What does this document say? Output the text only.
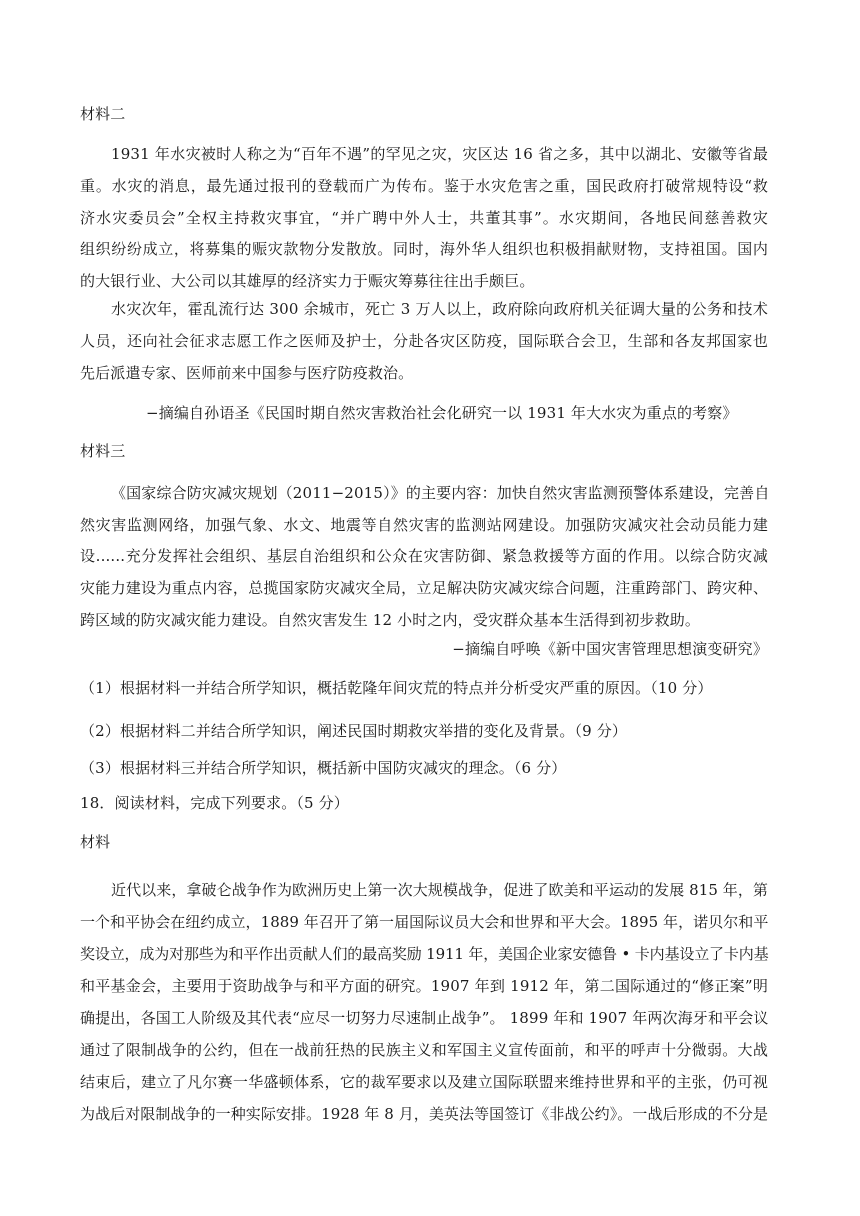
材料二
1931 年水灾被时人称之为“百年不遇”的罕见之灾，灾区达 16 省之多，其中以湖北、安徽等省最
重。水灾的消息，最先通过报刊的登载而广为传布。鉴于水灾危害之重，国民政府打破常规特设“救
济水灾委员会”全权主持救灾事宜，“并广聘中外人士，共董其事”。水灾期间，各地民间慈善救灾
组织纷纷成立，将募集的赈灾款物分发散放。同时，海外华人组织也积极捐献财物，支持祖国。国内
的大银行业、大公司以其雄厚的经济实力于赈灾筹募往往出手颇巨。
水灾次年，霍乱流行达 300 余城市，死亡 3 万人以上，政府除向政府机关征调大量的公务和技术
人员，还向社会征求志愿工作之医师及护士，分赴各灾区防疫，国际联合会卫，生部和各友邦国家也
先后派遣专家、医师前来中国参与医疗防疫救治。
−摘编自孙语圣《民国时期自然灾害救治社会化研究一以 1931 年大水灾为重点的考察》
材料三
《国家综合防灾减灾规划（2011−2015）》的主要内容：加快自然灾害监测预警体系建设，完善自
然灾害监测网络，加强气象、水文、地震等自然灾害的监测站网建设。加强防灾减灾社会动员能力建
设......充分发挥社会组织、基层自治组织和公众在灾害防御、紧急救援等方面的作用。以综合防灾减
灾能力建设为重点内容，总揽国家防灾减灾全局，立足解决防灾减灾综合问题，注重跨部门、跨灾种、
跨区域的防灾减灾能力建设。自然灾害发生 12 小时之内，受灾群众基本生活得到初步救助。
−摘编自呼唤《新中国灾害管理思想演变研究》
（1）根据材料一并结合所学知识，概括乾隆年间灾荒的特点并分析受灾严重的原因。（10 分）
（2）根据材料二并结合所学知识，阐述民国时期救灾举措的变化及背景。（9 分）
（3）根据材料三并结合所学知识，概括新中国防灾减灾的理念。（6 分）
18．阅读材料，完成下列要求。（5 分）
材料
近代以来，拿破仑战争作为欧洲历史上第一次大规模战争，促进了欧美和平运动的发展 815 年，第
一个和平协会在纽约成立，1889 年召开了第一届国际议员大会和世界和平大会。1895 年，诺贝尔和平
奖设立，成为对那些为和平作出贡献人们的最高奖励 1911 年，美国企业家安德鲁 • 卡内基设立了卡内基
和平基金会，主要用于资助战争与和平方面的研究。1907 年到 1912 年，第二国际通过的“修正案”明
确提出，各国工人阶级及其代表“应尽一切努力尽速制止战争”。 1899 年和 1907 年两次海牙和平会议
通过了限制战争的公约，但在一战前狂热的民族主义和军国主义宣传面前，和平的呼声十分微弱。大战
结束后，建立了凡尔赛一华盛顿体系，它的裁军要求以及建立国际联盟来维持世界和平的主张，仍可视
为战后对限制战争的一种实际安排。1928 年 8 月，美英法等国签订《非战公约》。一战后形成的不分是
